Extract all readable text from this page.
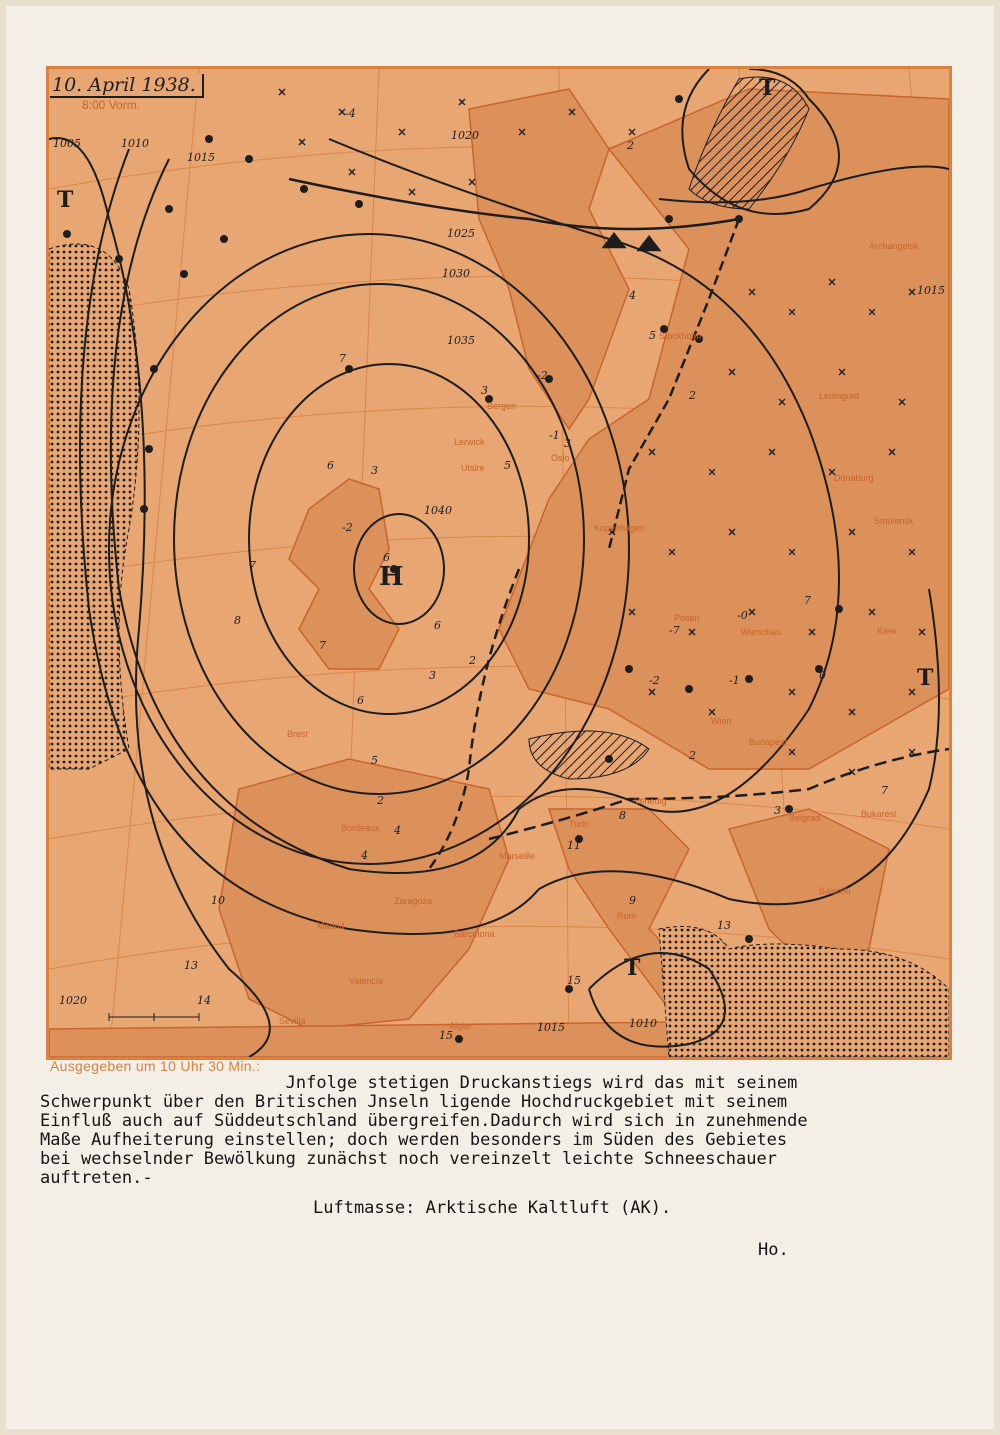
-4
-1
-2
7
3
6	3
6
-2
7
8
7
6
2
3
6
5
2
4
4
10
13
14
15
15
9
13
8
11
2
3
7
7
-1
-2
-7
-0
0
3
5
2
4
5
2
1040
1035
1030
1025
1020
1015
1010
1005
1015
1010
1020
1015
Wien
Budapest
Bukarest
Beigrad
Saloniki
Rom
Madrid
Valencia
Barcelona
Bordeaux
Brest
Turin
Venedig
Kiew
Warschau
Posen
Kopenhagen
Stockholm
Oslo
Bergen
Leningrad
Archangelsk
Smolensk
Dünaburg
Sevilla	Algier
Lerwick
Utsire
Zaragoza
Marseille
H
T
T
T
T
10. April 1938.
8:00 Vorm.
Ausgegeben um 10 Uhr 30 Min.:
Jnfolge stetigen Druckanstiegs wird das mit seinem
Schwerpunkt über den Britischen Jnseln ligende Hochdruckgebiet mit seinem
Einfluß auch auf Süddeutschland übergreifen.Dadurch wird sich in zunehmende
Maße Aufheiterung einstellen; doch werden besonders im Süden des Gebietes
bei wechselnder Bewölkung zunächst noch vereinzelt leichte Schneeschauer
auftreten.-
Luftmasse: Arktische Kaltluft (AK).
Ho.
